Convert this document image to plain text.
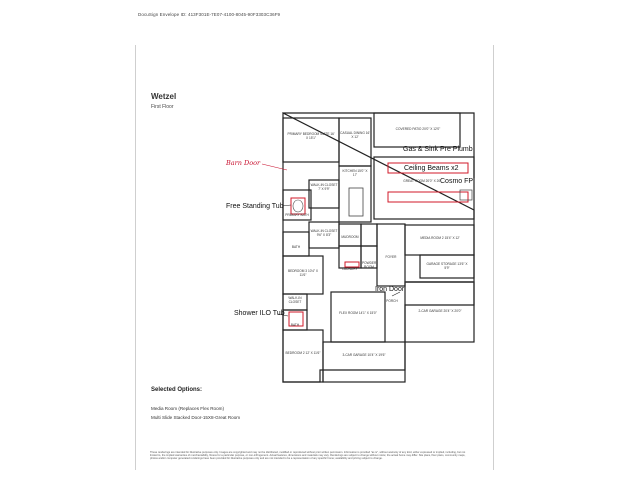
DocuSign Envelope ID: 413F301E-7E07-4100-8045-90F3303C36F9
Wetzel
First Floor
PRIMARY BEDROOM SUITE 16' X 15'1"
CASUAL DINING 16' X 12'
COVERED PATIO 20'0" X 12'0"
WALK-IN CLOSET 7' X 9'9"
KITCHEN 15'0" X 17'
GREAT ROOM 20'0" X 20'
PRIMARY BATH
WALK-IN CLOSET 9'6" X 8'3"
MUDROOM	MEDIA ROOM 2 15'4" X 12'
BATH
BEDROOM 3 10'4" X 11'6"
LAUNDRY
POWDER ROOM
FOYER
GARAGE STORAGE 13'6" X 5'9"
PORCH
FLEX ROOM 14'1" X 15'0"
WALK-IN CLOSET
BATH
2-CAR GARAGE 20'4" X 20'0"
BEDROOM 2 12' X 11'6"	3-CAR GARAGE 10'4" X 19'6"
Barn Door
Gas & Sink Pre Plumb
Ceiling Beams x2
Cosmo FP
Free Standing Tub
Iron Door
Shower ILO Tub
Selected Options:
Media Room (Replaces Flex Room)
Multi Slide Stacked Door-15X8-Great Room
These renderings are intended for illustrative purposes only. Images are copyrighted and may not be distributed, modified or reproduced without prior written permission. Information is provided "as is", without warranty of any kind, either expressed or implied, including, but not limited to, the implied warranties of merchantability, fitness for a particular purpose, or non-infringement. Actual features, dimensions and materials may vary. Renderings are subject to change without notice; the actual home may differ. Site plans, floor plans, community maps, photos and/or computer generated renderings have been provided for illustrative purposes only and are not intended to be a representation of any specific home; availability and pricing subject to change.
